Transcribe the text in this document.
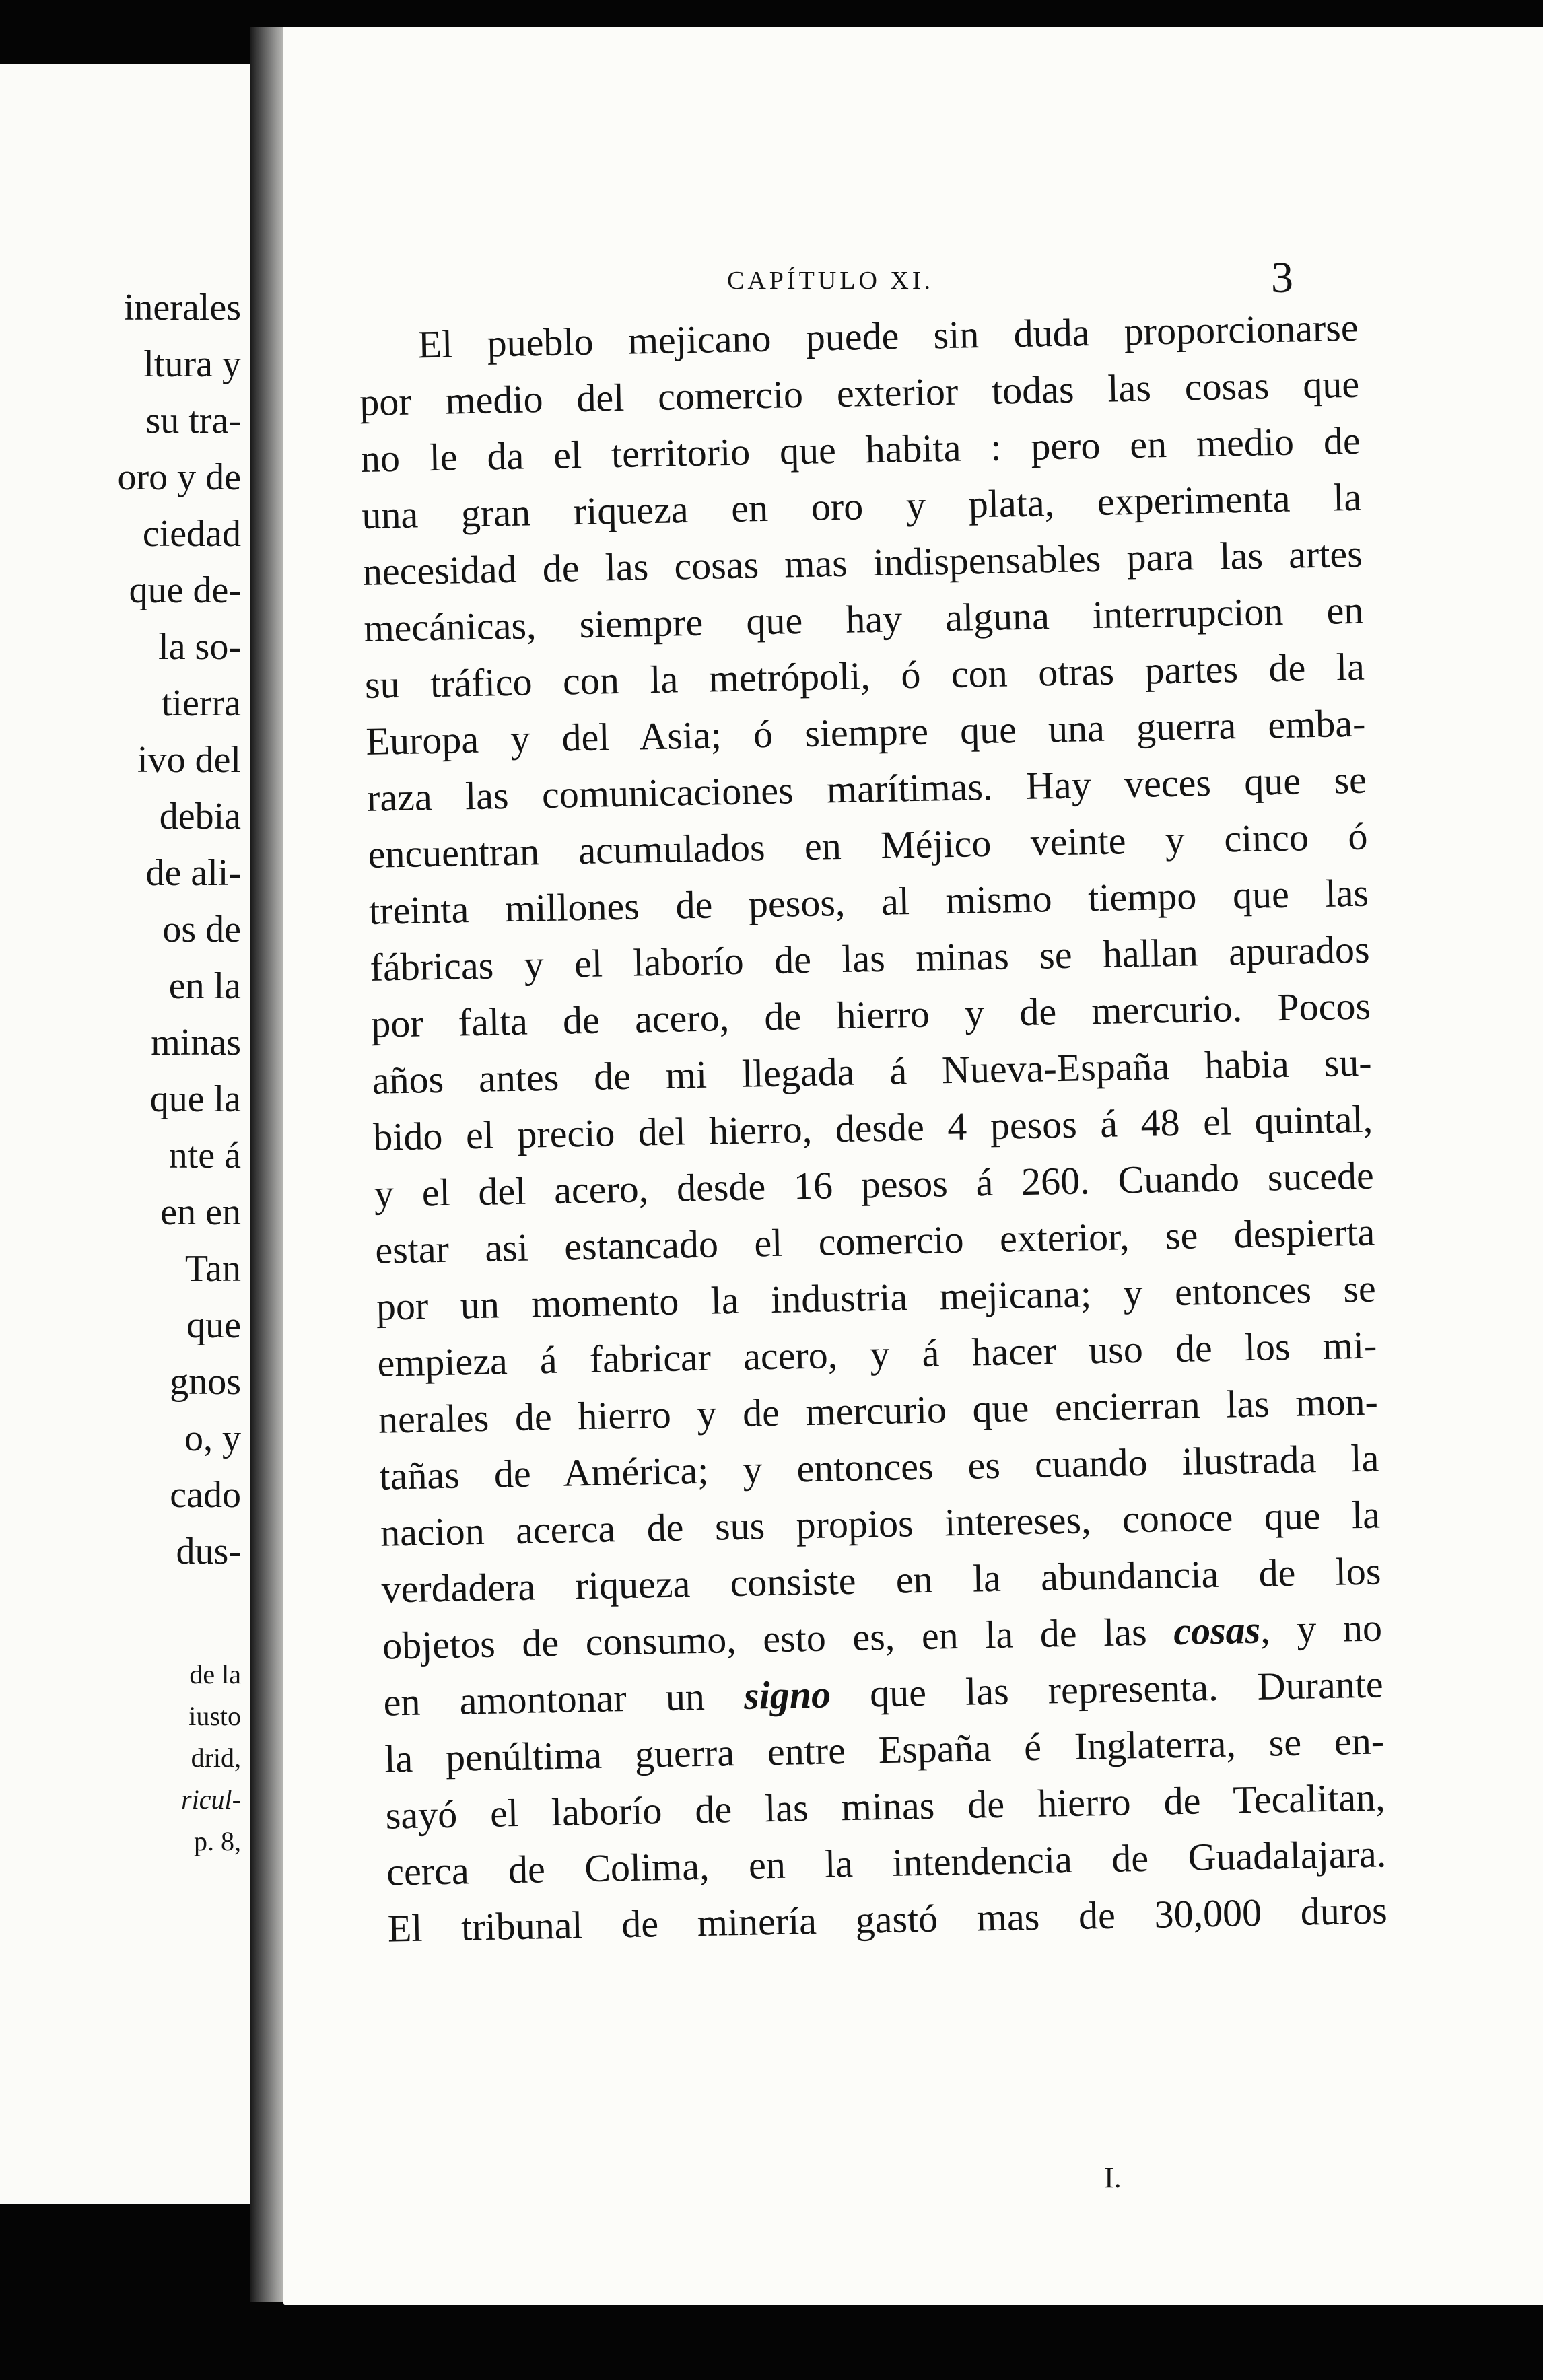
inerales
ltura y
su tra-
oro y de
ciedad
que de-
la so-
tierra
ivo del
debia
de ali-
os de
en la
minas
que la
nte á
en en
Tan
que
gnos
o, y
cado
dus-
de la
iusto
drid,
ricul-
p. 8,
CAPÍTULO XI.	3
El pueblo mejicano puede sin duda proporcionarse
por medio del comercio exterior todas las cosas que
no le da el territorio que habita : pero en medio de
una gran riqueza en oro y plata, experimenta la
necesidad de las cosas mas indispensables para las artes
mecánicas, siempre que hay alguna interrupcion en
su tráfico con la metrópoli, ó con otras partes de la
Europa y del Asia; ó siempre que una guerra emba-
raza las comunicaciones marítimas. Hay veces que se
encuentran acumulados en Méjico veinte y cinco ó
treinta millones de pesos, al mismo tiempo que las
fábricas y el laborío de las minas se hallan apurados
por falta de acero, de hierro y de mercurio. Pocos
años antes de mi llegada á Nueva-España habia su-
bido el precio del hierro, desde 4 pesos á 48 el quintal,
y el del acero, desde 16 pesos á 260. Cuando sucede
estar asi estancado el comercio exterior, se despierta
por un momento la industria mejicana; y entonces se
empieza á fabricar acero, y á hacer uso de los mi-
nerales de hierro y de mercurio que encierran las mon-
tañas de América; y entonces es cuando ilustrada la
nacion acerca de sus propios intereses, conoce que la
verdadera riqueza consiste en la abundancia de los
objetos de consumo, esto es, en la de las cosas, y no
en amontonar un signo que las representa. Durante
la penúltima guerra entre España é Inglaterra, se en-
sayó el laborío de las minas de hierro de Tecalitan,
cerca de Colima, en la intendencia de Guadalajara.
El tribunal de minería gastó mas de 30,000 duros
I.
